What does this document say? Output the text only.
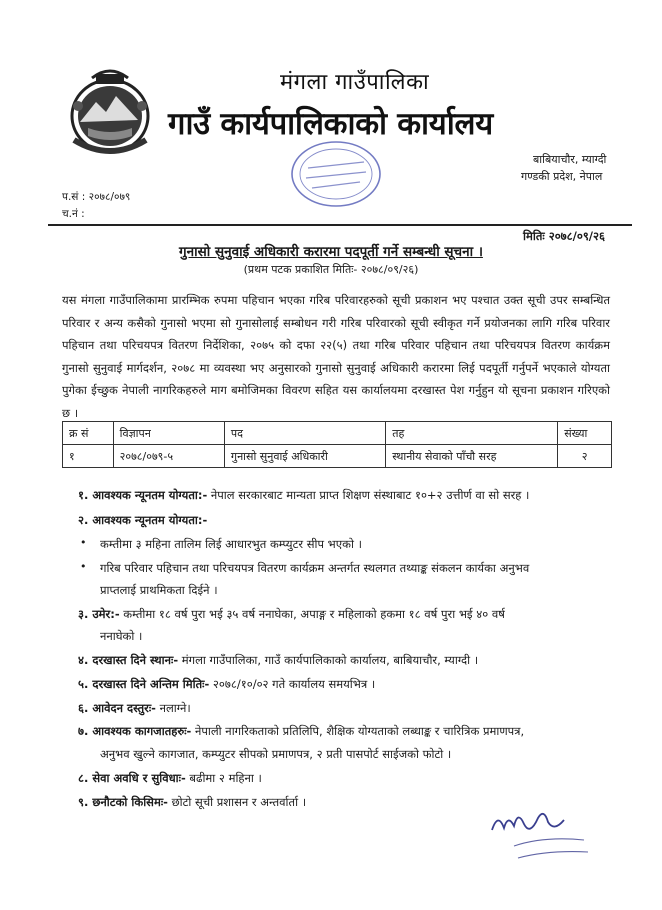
मंगला गाउँपालिका
गाउँ कार्यपालिकाको कार्यालय
बाबियाचौर, म्याग्दी
गण्डकी प्रदेश, नेपाल
प.सं : २०७८/०७९
च.नं :
मितिः २०७८/०९/२६
गुनासो सुनुवाई अधिकारी करारमा पदपूर्ती गर्ने सम्बन्धी सूचना ।
(प्रथम पटक प्रकाशित मितिः- २०७८/०९/२६)
यस मंगला गाउँपालिकामा प्रारम्भिक रुपमा पहिचान भएका गरिब परिवारहरुको सूची प्रकाशन भए पश्चात उक्त सूची उपर सम्बन्धित परिवार र अन्य कसैको गुनासो भएमा सो गुनासोलाई सम्बोधन गरी गरिब परिवारको सूची स्वीकृत गर्ने प्रयोजनका लागि गरिब परिवार पहिचान तथा परिचयपत्र वितरण निर्देशिका, २०७५ को दफा २२(५) तथा गरिब परिवार पहिचान तथा परिचयपत्र वितरण कार्यक्रम गुनासो सुनुवाई मार्गदर्शन, २०७८ मा व्यवस्था भए अनुसारको गुनासो सुनुवाई अधिकारी करारमा लिई पदपूर्ती गर्नुपर्ने भएकाले योग्यता पुगेका ईच्छुक नेपाली नागरिकहरुले माग बमोजिमका विवरण सहित यस कार्यालयमा दरखास्त पेश गर्नुहुन यो सूचना प्रकाशन गरिएको छ ।
क्र सं	विज्ञापन	पद	तह	संख्या
१	२०७८/०७९-५	गुनासो सुनुवाई अधिकारी	स्थानीय सेवाको पाँचौ सरह	२
१. आवश्यक न्यूनतम योग्यता:- नेपाल सरकारबाट मान्यता प्राप्त शिक्षण संस्थाबाट १०+२ उत्तीर्ण वा सो सरह ।
२. आवश्यक न्यूनतम योग्यता:-
• कम्तीमा ३ महिना तालिम लिई आधारभुत कम्प्युटर सीप भएको ।
• गरिब परिवार पहिचान तथा परिचयपत्र वितरण कार्यक्रम अन्तर्गत स्थलगत तथ्याङ्क संकलन कार्यका अनुभव
प्राप्तलाई प्राथमिकता दिईने ।
३. उमेर:- कम्तीमा १८ वर्ष पुरा भई ३५ वर्ष ननाघेका, अपाङ्ग र महिलाको हकमा १८ वर्ष पुरा भई ४० वर्ष
ननाघेको ।
४. दरखास्त दिने स्थानः- मंगला गाउँपालिका, गाउँ कार्यपालिकाको कार्यालय, बाबियाचौर, म्याग्दी ।
५. दरखास्त दिने अन्तिम मितिः- २०७८/१०/०२ गते कार्यालय समयभित्र ।
६. आवेदन दस्तुरः- नलाग्ने।
७. आवश्यक कागजातहरुः- नेपाली नागरिकताको प्रतिलिपि, शैक्षिक योग्यताको लब्धाङ्क र चारित्रिक प्रमाणपत्र,
अनुभव खुल्ने कागजात, कम्प्युटर सीपको प्रमाणपत्र, २ प्रती पासपोर्ट साईजको फोटो ।
८. सेवा अवधि र सुविधाः- बढीमा २ महिना ।
९. छनौटको किसिमः- छोटो सूची प्रशासन र अन्तर्वार्ता ।
